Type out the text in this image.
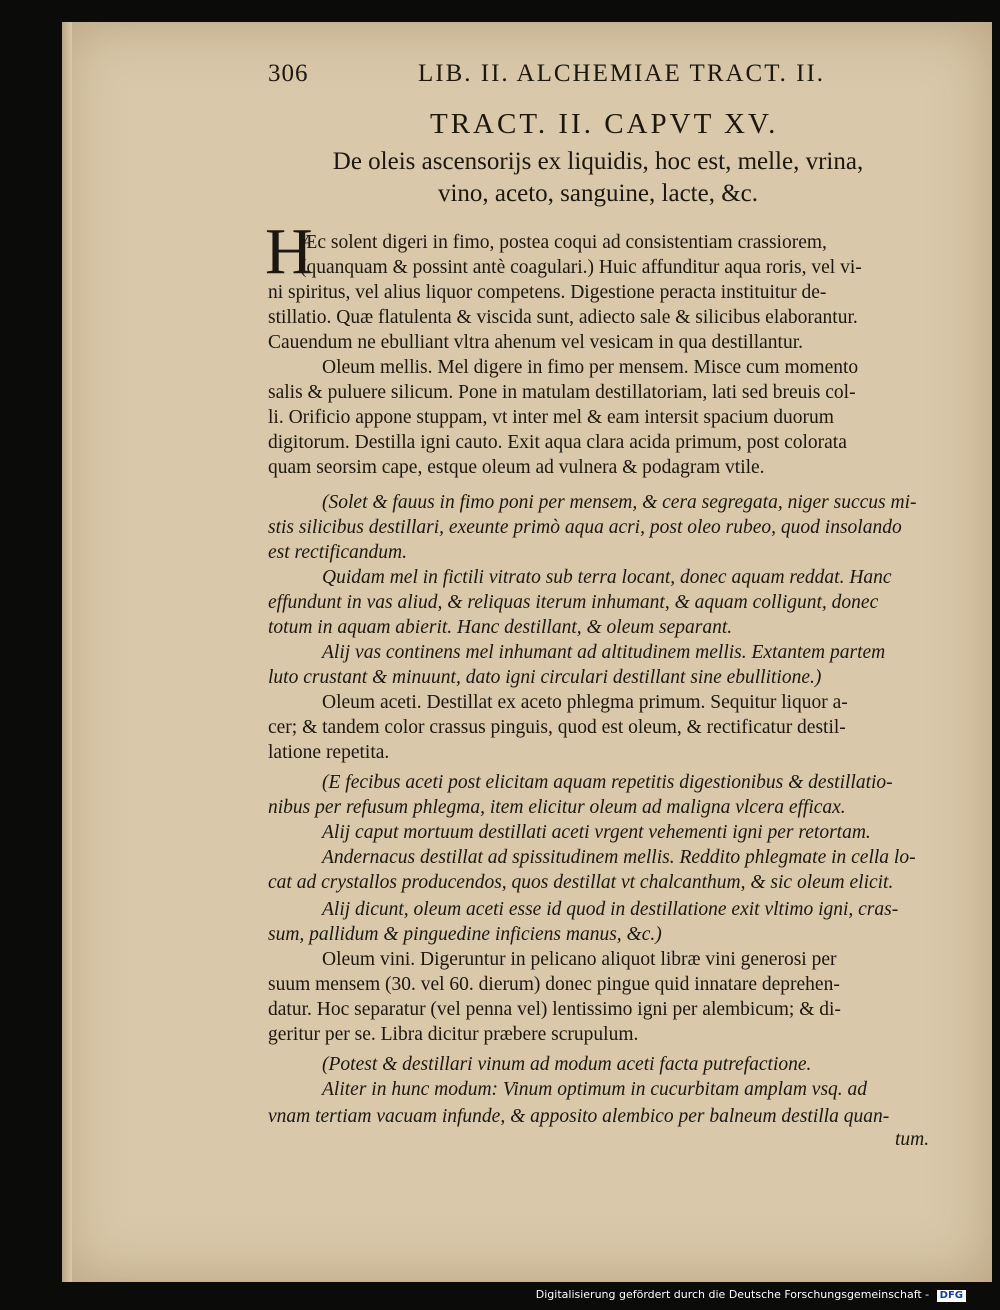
306	LIB. II. ALCHEMIAE TRACT. II.
TRACT. II. CAPVT XV.
De oleis ascensorijs ex liquidis, hoc est, melle, vrina,
vino, aceto, sanguine, lacte, &c.
H
Æc solent digeri in fimo, postea coqui ad consistentiam crassiorem,
(quanquam & possint antè coagulari.) Huic affunditur aqua roris, vel vi-
ni spiritus, vel alius liquor competens. Digestione peracta instituitur de-
stillatio. Quæ flatulenta & viscida sunt, adiecto sale & silicibus elaborantur.
Cauendum ne ebulliant vltra ahenum vel vesicam in qua destillantur.
Oleum mellis. Mel digere in fimo per mensem. Misce cum momento
salis & puluere silicum. Pone in matulam destillatoriam, lati sed breuis col-
li. Orificio appone stuppam, vt inter mel & eam intersit spacium duorum
digitorum. Destilla igni cauto. Exit aqua clara acida primum, post colorata
quam seorsim cape, estque oleum ad vulnera & podagram vtile.
(Solet & fauus in fimo poni per mensem, & cera segregata, niger succus mi-
stis silicibus destillari, exeunte primò aqua acri, post oleo rubeo, quod insolando
est rectificandum.
Quidam mel in fictili vitrato sub terra locant, donec aquam reddat. Hanc
effundunt in vas aliud, & reliquas iterum inhumant, & aquam colligunt, donec
totum in aquam abierit. Hanc destillant, & oleum separant.
Alij vas continens mel inhumant ad altitudinem mellis. Extantem partem
luto crustant & minuunt, dato igni circulari destillant sine ebullitione.)
Oleum aceti. Destillat ex aceto phlegma primum. Sequitur liquor a-
cer; & tandem color crassus pinguis, quod est oleum, & rectificatur destil-
latione repetita.
(E fecibus aceti post elicitam aquam repetitis digestionibus & destillatio-
nibus per refusum phlegma, item elicitur oleum ad maligna vlcera efficax.
Alij caput mortuum destillati aceti vrgent vehementi igni per retortam.
Andernacus destillat ad spissitudinem mellis. Reddito phlegmate in cella lo-
cat ad crystallos producendos, quos destillat vt chalcanthum, & sic oleum elicit.
Alij dicunt, oleum aceti esse id quod in destillatione exit vltimo igni, cras-
sum, pallidum & pinguedine inficiens manus, &c.)
Oleum vini. Digeruntur in pelicano aliquot libræ vini generosi per
suum mensem (30. vel 60. dierum) donec pingue quid innatare deprehen-
datur. Hoc separatur (vel penna vel) lentissimo igni per alembicum; & di-
geritur per se. Libra dicitur præbere scrupulum.
(Potest & destillari vinum ad modum aceti facta putrefactione.
Aliter in hunc modum: Vinum optimum in cucurbitam amplam vsq. ad
vnam tertiam vacuam infunde, & apposito alembico per balneum destilla quan-
tum.
Digitalisierung gefördert durch die Deutsche Forschungsgemeinschaft - DFG
